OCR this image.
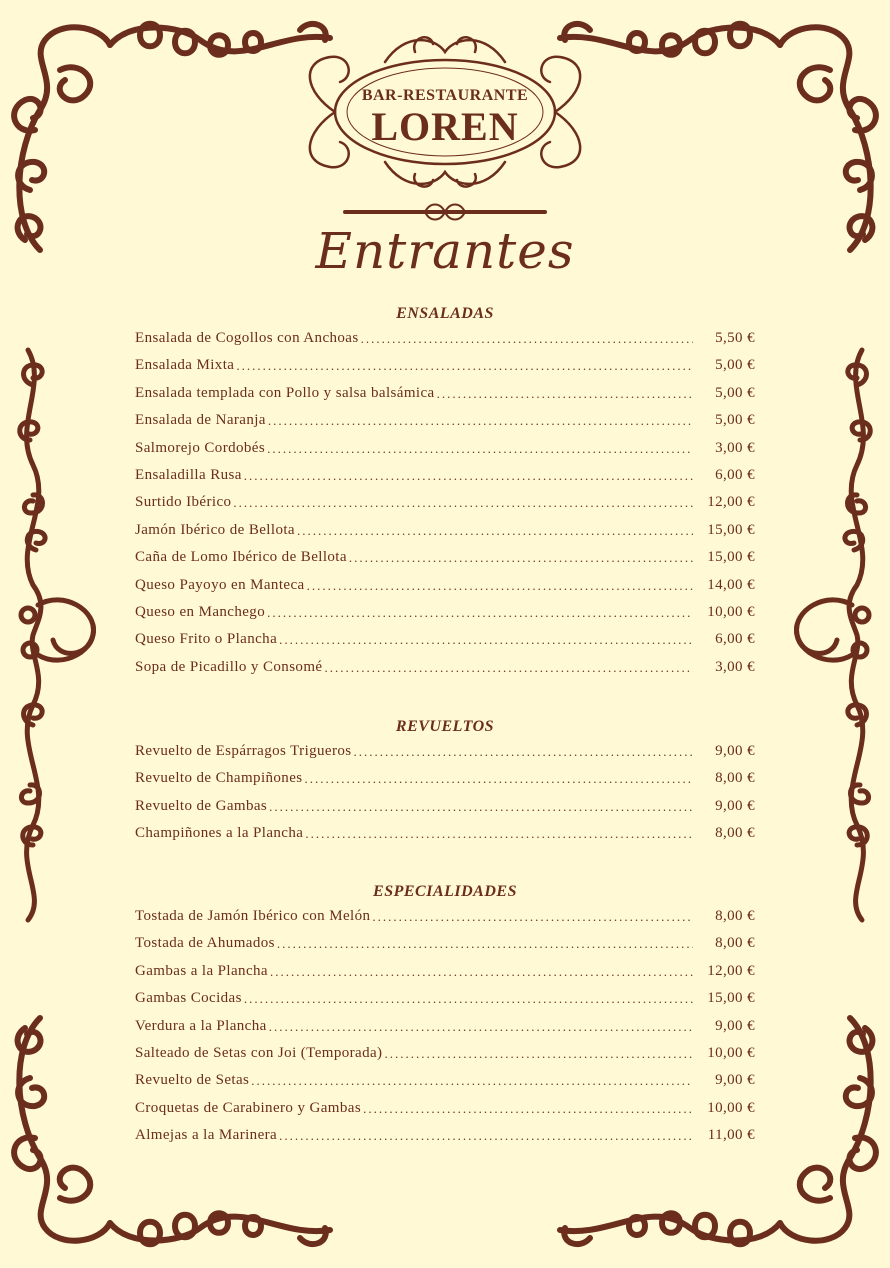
BAR-RESTAURANTE
LOREN
Entrantes
ENSALADAS
Ensalada de Cogollos con Anchoas .....	5,50 €
Ensalada Mixta .....	5,00 €
Ensalada templada con Pollo y salsa balsámica .....	5,00 €
Ensalada de Naranja .....	5,00 €
Salmorejo Cordobés .....	3,00 €
Ensaladilla Rusa .....	6,00 €
Surtido Ibérico .....	12,00 €
Jamón Ibérico de Bellota .....	15,00 €
Caña de Lomo Ibérico de Bellota .....	15,00 €
Queso Payoyo en Manteca .....	14,00 €
Queso en Manchego .....	10,00 €
Queso Frito o Plancha .....	6,00 €
Sopa de Picadillo y Consomé .....	3,00 €
REVUELTOS
Revuelto de Espárragos Trigueros .....	9,00 €
Revuelto de Champiñones .....	8,00 €
Revuelto de Gambas .....	9,00 €
Champiñones a la Plancha .....	8,00 €
ESPECIALIDADES
Tostada de Jamón Ibérico con Melón .....	8,00 €
Tostada de Ahumados .....	8,00 €
Gambas a la Plancha .....	12,00 €
Gambas Cocidas .....	15,00 €
Verdura a la Plancha .....	9,00 €
Salteado de Setas con Joi (Temporada) .....	10,00 €
Revuelto de Setas .....	9,00 €
Croquetas de Carabinero y Gambas .....	10,00 €
Almejas a la Marinera .....	11,00 €
